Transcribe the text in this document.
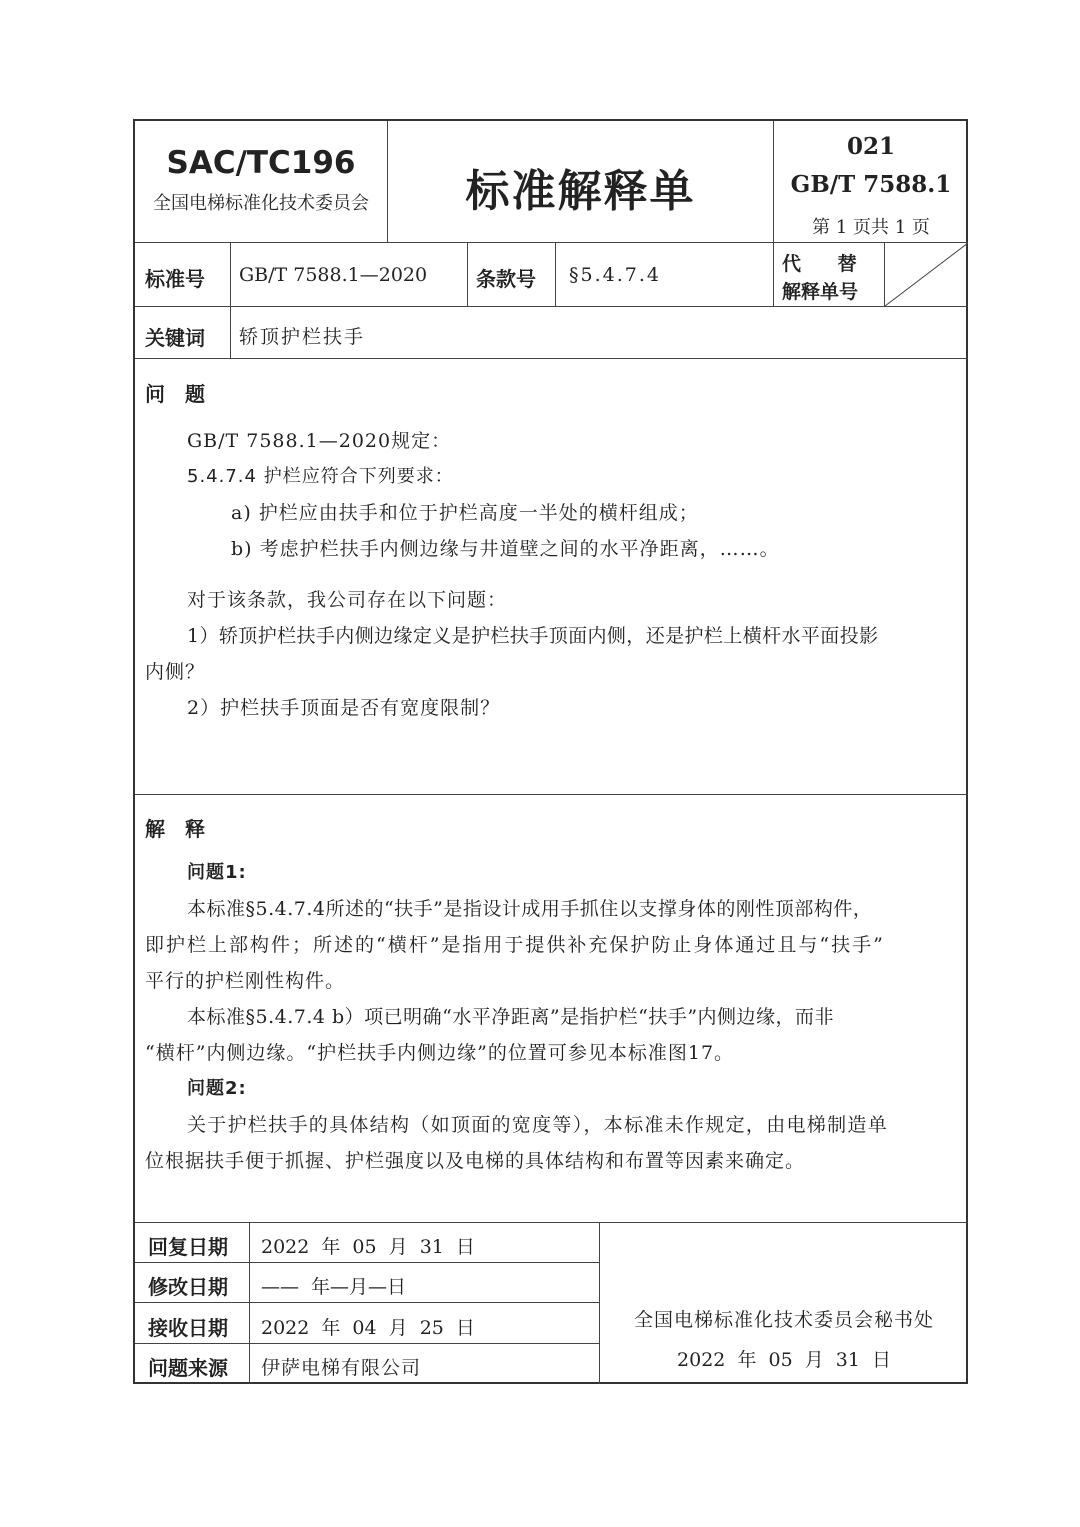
SAC/TC196
全国电梯标准化技术委员会	标准解释单
021
GB/T 7588.1
第 1 页共 1 页
标准号 GB/T 7588.1—2020 条款号 §5.4.7.4	代 替
解释单号
关键词 轿顶护栏扶手
问　题
GB/T 7588.1—2020规定：
5.4.7.4 护栏应符合下列要求：
a) 护栏应由扶手和位于护栏高度一半处的横杆组成；
b) 考虑护栏扶手内侧边缘与井道壁之间的水平净距离，……。
对于该条款，我公司存在以下问题：
1）轿顶护栏扶手内侧边缘定义是护栏扶手顶面内侧，还是护栏上横杆水平面投影
内侧？
2）护栏扶手顶面是否有宽度限制？
解　释
问题1:
本标准§5.4.7.4所述的“扶手”是指设计成用手抓住以支撑身体的刚性顶部构件，
即护栏上部构件；所述的“横杆”是指用于提供补充保护防止身体通过且与“扶手”
平行的护栏刚性构件。
本标准§5.4.7.4 b）项已明确“水平净距离”是指护栏“扶手”内侧边缘，而非
“横杆”内侧边缘。“护栏扶手内侧边缘”的位置可参见本标准图17。
问题2:
关于护栏扶手的具体结构（如顶面的宽度等），本标准未作规定，由电梯制造单
位根据扶手便于抓握、护栏强度以及电梯的具体结构和布置等因素来确定。
回复日期 2022 年 05 月 31 日
修改日期 —— 年—月—日
接收日期 2022 年 04 月 25 日
问题来源 伊萨电梯有限公司
全国电梯标准化技术委员会秘书处
2022 年 05 月 31 日
